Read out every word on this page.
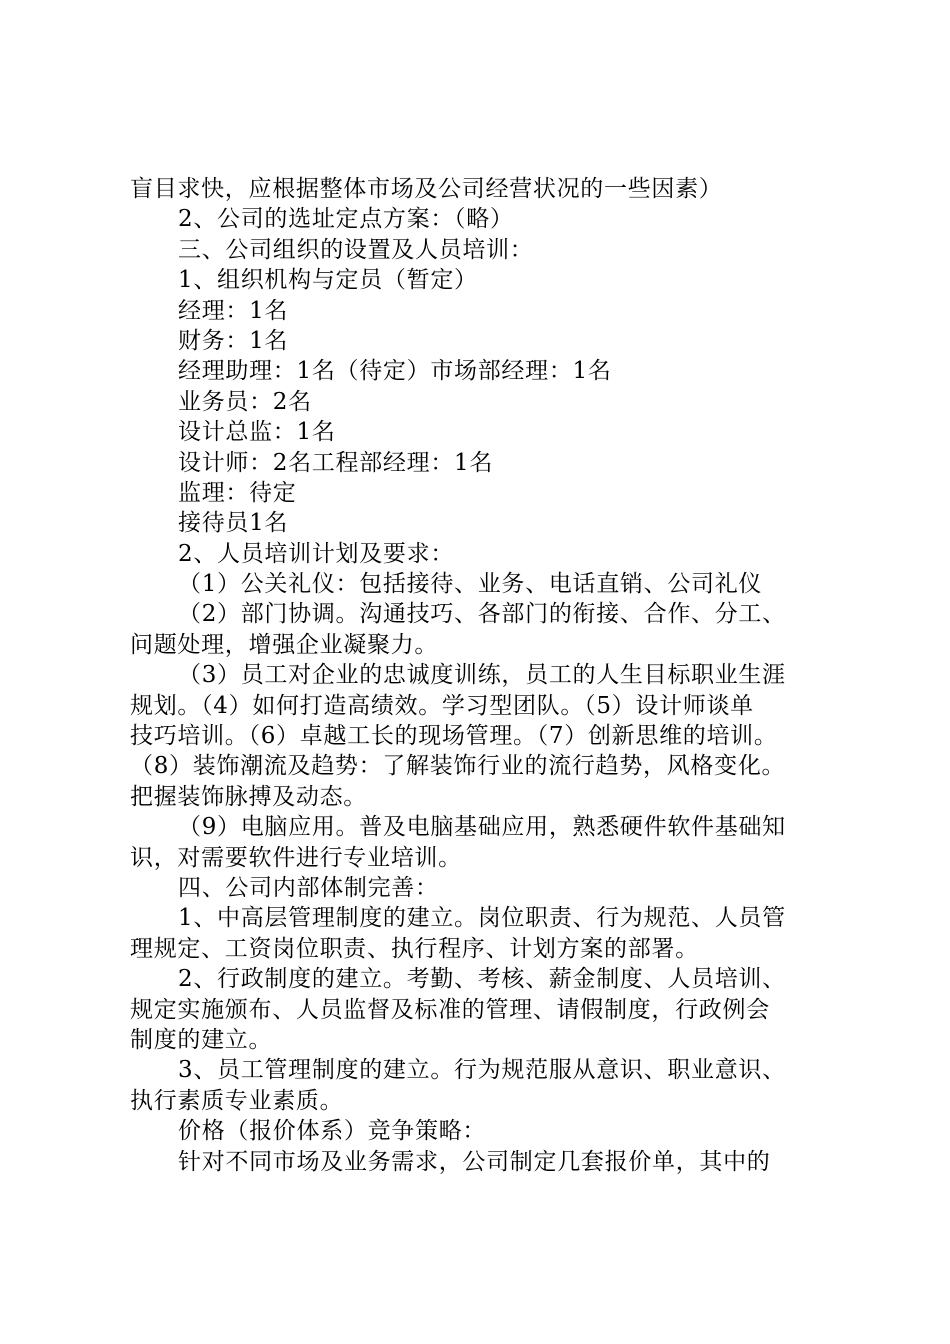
盲目求快，应根据整体市场及公司经营状况的一些因素）
2、公司的选址定点方案：（略）
三、公司组织的设置及人员培训：
1、组织机构与定员（暂定）
经理：1名
财务：1名
经理助理：1名（待定）市场部经理：1名
业务员：2名
设计总监：1名
设计师：2名工程部经理：1名
监理：待定
接待员1名
2、人员培训计划及要求：
（1）公关礼仪：包括接待、业务、电话直销、公司礼仪
（2）部门协调。沟通技巧、各部门的衔接、合作、分工、
问题处理，增强企业凝聚力。
（3）员工对企业的忠诚度训练，员工的人生目标职业生涯
规划。（4）如何打造高绩效。学习型团队。（5）设计师谈单
技巧培训。（6）卓越工长的现场管理。（7）创新思维的培训。
（8）装饰潮流及趋势：了解装饰行业的流行趋势，风格变化。
把握装饰脉搏及动态。
（9）电脑应用。普及电脑基础应用，熟悉硬件软件基础知
识，对需要软件进行专业培训。
四、公司内部体制完善：
1、中高层管理制度的建立。岗位职责、行为规范、人员管
理规定、工资岗位职责、执行程序、计划方案的部署。
2、行政制度的建立。考勤、考核、薪金制度、人员培训、
规定实施颁布、人员监督及标准的管理、请假制度，行政例会
制度的建立。
3、员工管理制度的建立。行为规范服从意识、职业意识、
执行素质专业素质。
价格（报价体系）竞争策略：
针对不同市场及业务需求，公司制定几套报价单，其中的
